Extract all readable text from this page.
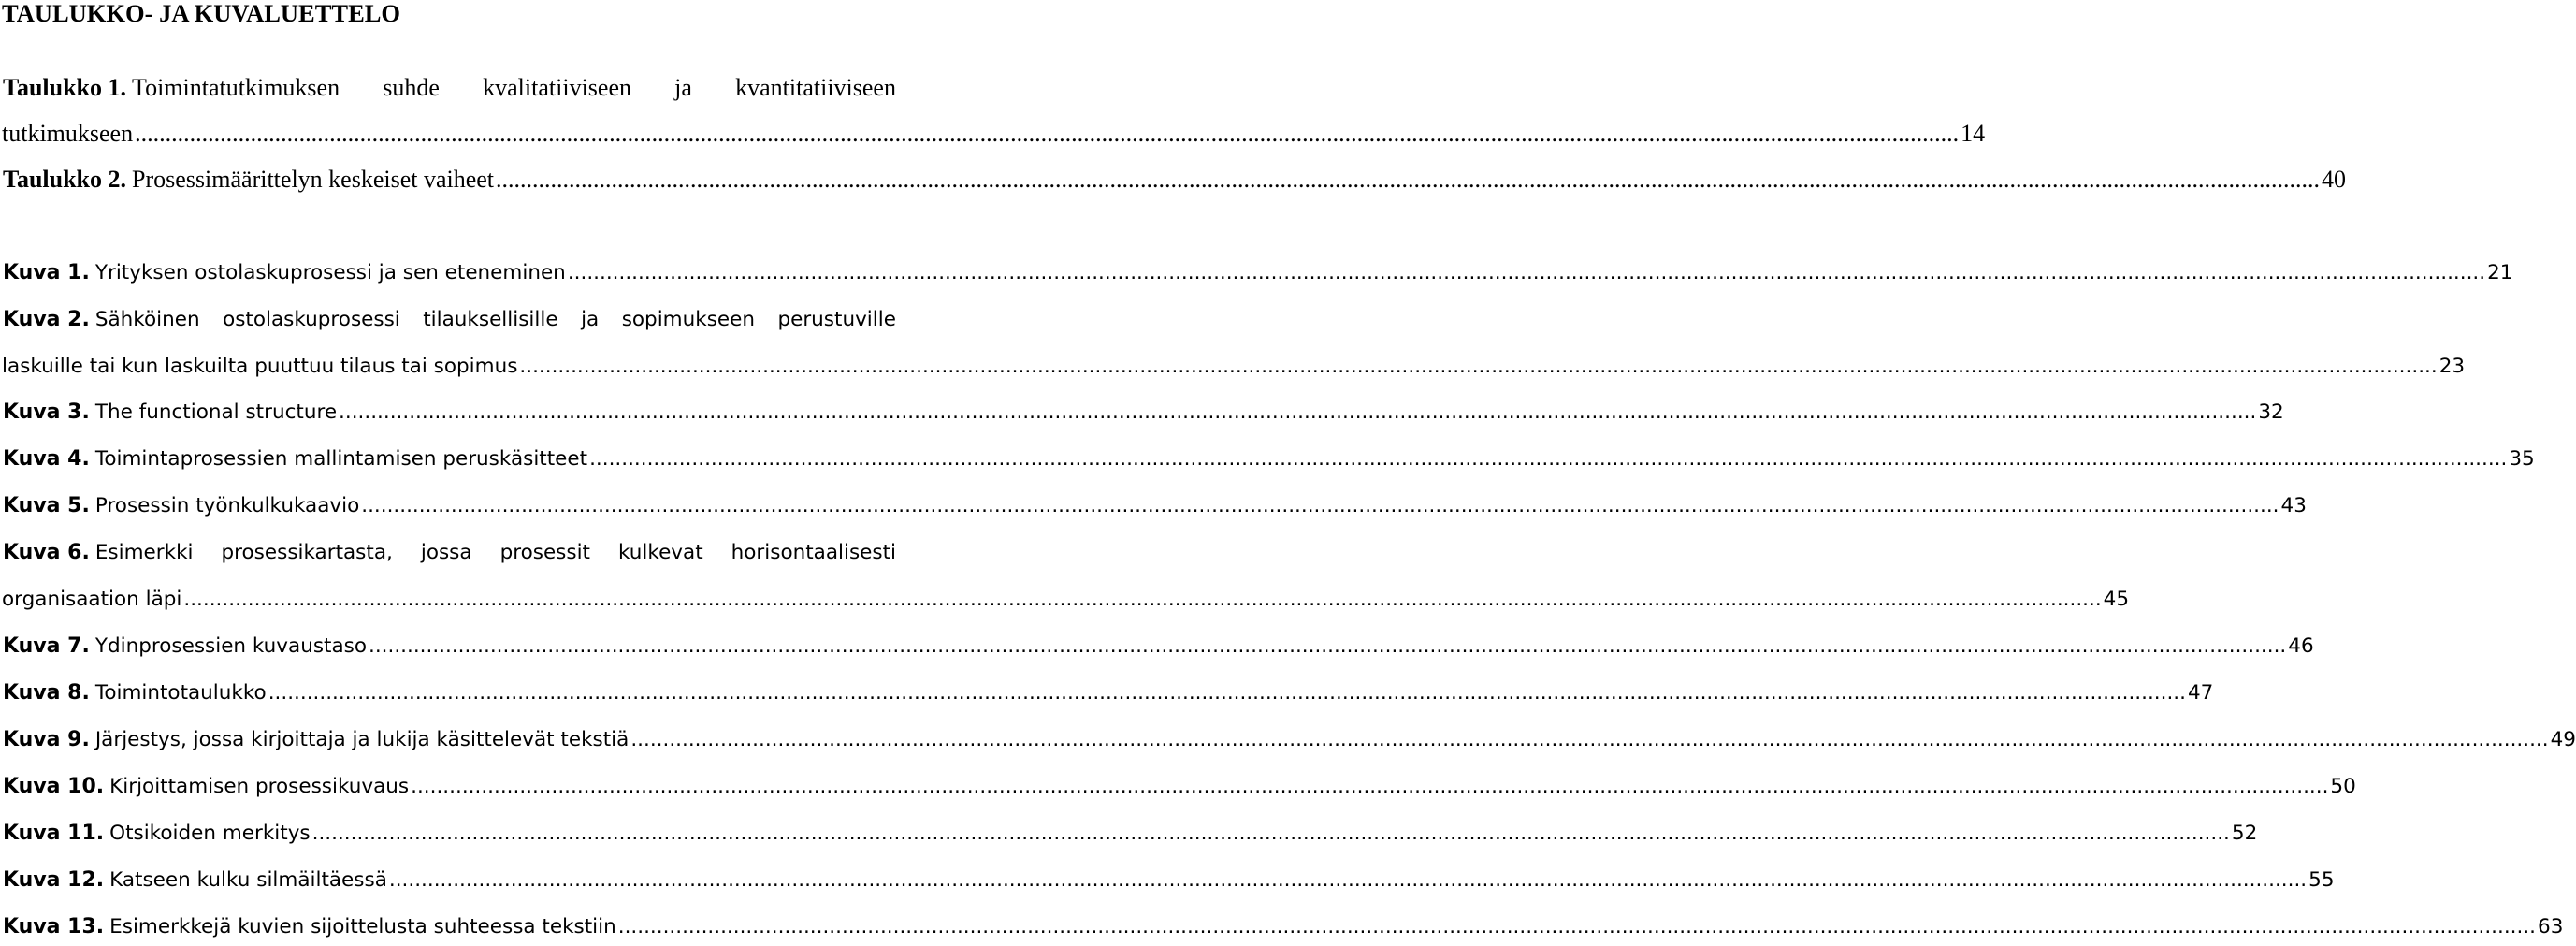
TAULUKKO- JA KUVALUETTELO
Taulukko 1. Toimintatutkimuksen suhde kvalitatiiviseen ja kvantitatiiviseen
tutkimukseen ............................................................................................................................................................................................................................................................................................................ 14
Taulukko 2. Prosessimäärittelyn keskeiset vaiheet ............................................................................................................................................................................................................................................................................................................ 40
Kuva 1. Yrityksen ostolaskuprosessi ja sen eteneminen ............................................................................................................................................................................................................................................................................................................ 21
Kuva 2. Sähköinen ostolaskuprosessi tilauksellisille ja sopimukseen perustuville
laskuille tai kun laskuilta puuttuu tilaus tai sopimus ............................................................................................................................................................................................................................................................................................................ 23
Kuva 3. The functional structure ............................................................................................................................................................................................................................................................................................................ 32
Kuva 4. Toimintaprosessien mallintamisen peruskäsitteet ............................................................................................................................................................................................................................................................................................................ 35
Kuva 5. Prosessin työnkulkukaavio ............................................................................................................................................................................................................................................................................................................ 43
Kuva 6. Esimerkki prosessikartasta, jossa prosessit kulkevat horisontaalisesti
organisaation läpi ............................................................................................................................................................................................................................................................................................................ 45
Kuva 7. Ydinprosessien kuvaustaso ............................................................................................................................................................................................................................................................................................................ 46
Kuva 8. Toimintotaulukko ............................................................................................................................................................................................................................................................................................................ 47
Kuva 9. Järjestys, jossa kirjoittaja ja lukija käsittelevät tekstiä ............................................................................................................................................................................................................................................................................................................ 49
Kuva 10. Kirjoittamisen prosessikuvaus ............................................................................................................................................................................................................................................................................................................ 50
Kuva 11. Otsikoiden merkitys ............................................................................................................................................................................................................................................................................................................ 52
Kuva 12. Katseen kulku silmäiltäessä ............................................................................................................................................................................................................................................................................................................ 55
Kuva 13. Esimerkkejä kuvien sijoittelusta suhteessa tekstiin ............................................................................................................................................................................................................................................................................................................ 63
